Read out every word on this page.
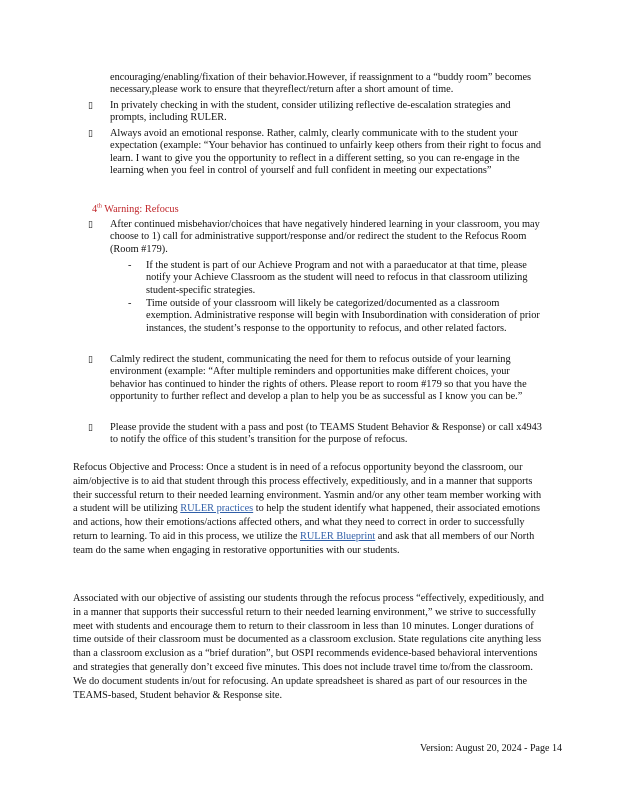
encouraging/enabling/fixation of their behavior.However, if reassignment to a “buddy room” becomes necessary,please work to ensure that theyreflect/return after a short amount of time.

▯	In privately checking in with the student, consider utilizing reflective de-escalation strategies and prompts, including RULER.

▯	Always avoid an emotional response. Rather, calmly, clearly communicate with to the student your expectation (example: “Your behavior has continued to unfairly keep others from their right to focus and learn. I want to give you the opportunity to reflect in a different setting, so you can re-engage in the learning when you feel in control of yourself and full confident in meeting our expectations”

4th Warning: Refocus

▯	After continued misbehavior/choices that have negatively hindered learning in your classroom, you may choose to 1) call for administrative support/response and/or redirect the student to the Refocus Room (Room #179).

- If the student is part of our Achieve Program and not with a paraeducator at that time, please notify your Achieve Classroom as the student will need to refocus in that classroom utilizing student-specific strategies.

- Time outside of your classroom will likely be categorized/documented as a classroom exemption. Administrative response will begin with Insubordination with consideration of prior instances, the student’s response to the opportunity to refocus, and other related factors.

▯	Calmly redirect the student, communicating the need for them to refocus outside of your learning environment (example: “After multiple reminders and opportunities make different choices, your behavior has continued to hinder the rights of others. Please report to room #179 so that you have the opportunity to further reflect and develop a plan to help you be as successful as I know you can be.”

▯	Please provide the student with a pass and post (to TEAMS Student Behavior & Response) or call x4943 to notify the office of this student’s transition for the purpose of refocus.

Refocus Objective and Process: Once a student is in need of a refocus opportunity beyond the classroom, our aim/objective is to aid that student through this process effectively, expeditiously, and in a manner that supports their successful return to their needed learning environment. Yasmin and/or any other team member working with a student will be utilizing RULER practices to help the student identify what happened, their associated emotions and actions, how their emotions/actions affected others, and what they need to correct in order to successfully return to learning. To aid in this process, we utilize the RULER Blueprint and ask that all members of our North team do the same when engaging in restorative opportunities with our students.

Associated with our objective of assisting our students through the refocus process “effectively, expeditiously, and in a manner that supports their successful return to their needed learning environment,” we strive to successfully meet with students and encourage them to return to their classroom in less than 10 minutes. Longer durations of time outside of their classroom must be documented as a classroom exclusion. State regulations cite anything less than a classroom exclusion as a “brief duration”, but OSPI recommends evidence-based behavioral interventions and strategies that generally don’t exceed five minutes. This does not include travel time to/from the classroom. We do document students in/out for refocusing. An update spreadsheet is shared as part of our resources in the TEAMS-based, Student behavior & Response site.

Version: August 20, 2024 - Page 14
